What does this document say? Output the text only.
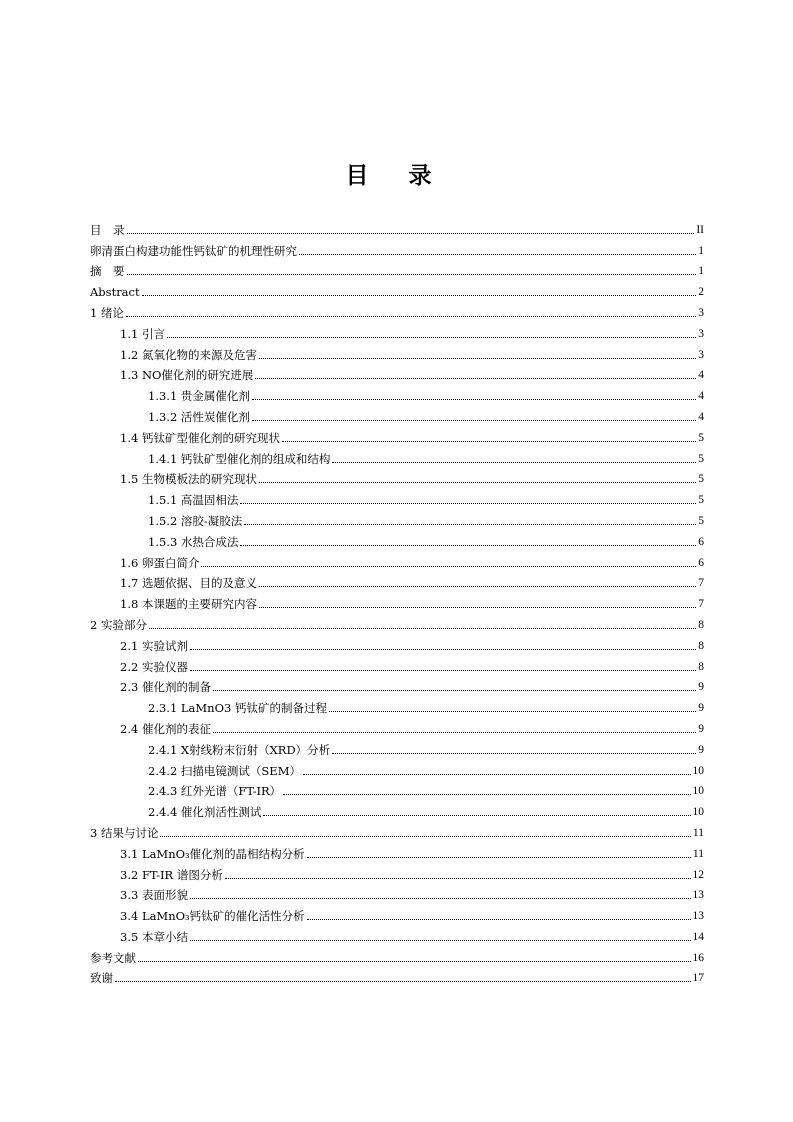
目 录
目　录	II
卵清蛋白构建功能性钙钛矿的机理性研究	1
摘　要	1
Abstract	2
1 绪论	3
1.1 引言	3
1.2 氮氧化物的来源及危害	3
1.3 NO催化剂的研究进展	4
1.3.1 贵金属催化剂	4
1.3.2 活性炭催化剂	4
1.4 钙钛矿型催化剂的研究现状	5
1.4.1 钙钛矿型催化剂的组成和结构	5
1.5 生物模板法的研究现状	5
1.5.1 高温固相法	5
1.5.2 溶胶-凝胶法	5
1.5.3 水热合成法	6
1.6 卵蛋白简介	6
1.7 选题依据、目的及意义	7
1.8 本课题的主要研究内容	7
2 实验部分	8
2.1 实验试剂	8
2.2 实验仪器	8
2.3 催化剂的制备	9
2.3.1 LaMnO3 钙钛矿的制备过程	9
2.4 催化剂的表征	9
2.4.1 X射线粉末衍射（XRD）分析	9
2.4.2 扫描电镜测试（SEM）	10
2.4.3 红外光谱（FT-IR）	10
2.4.4 催化剂活性测试	10
3 结果与讨论	11
3.1 LaMnO₃催化剂的晶相结构分析	11
3.2 FT-IR 谱图分析	12
3.3 表面形貌	13
3.4 LaMnO₃钙钛矿的催化活性分析	13
3.5 本章小结	14
参考文献	16
致谢	17
